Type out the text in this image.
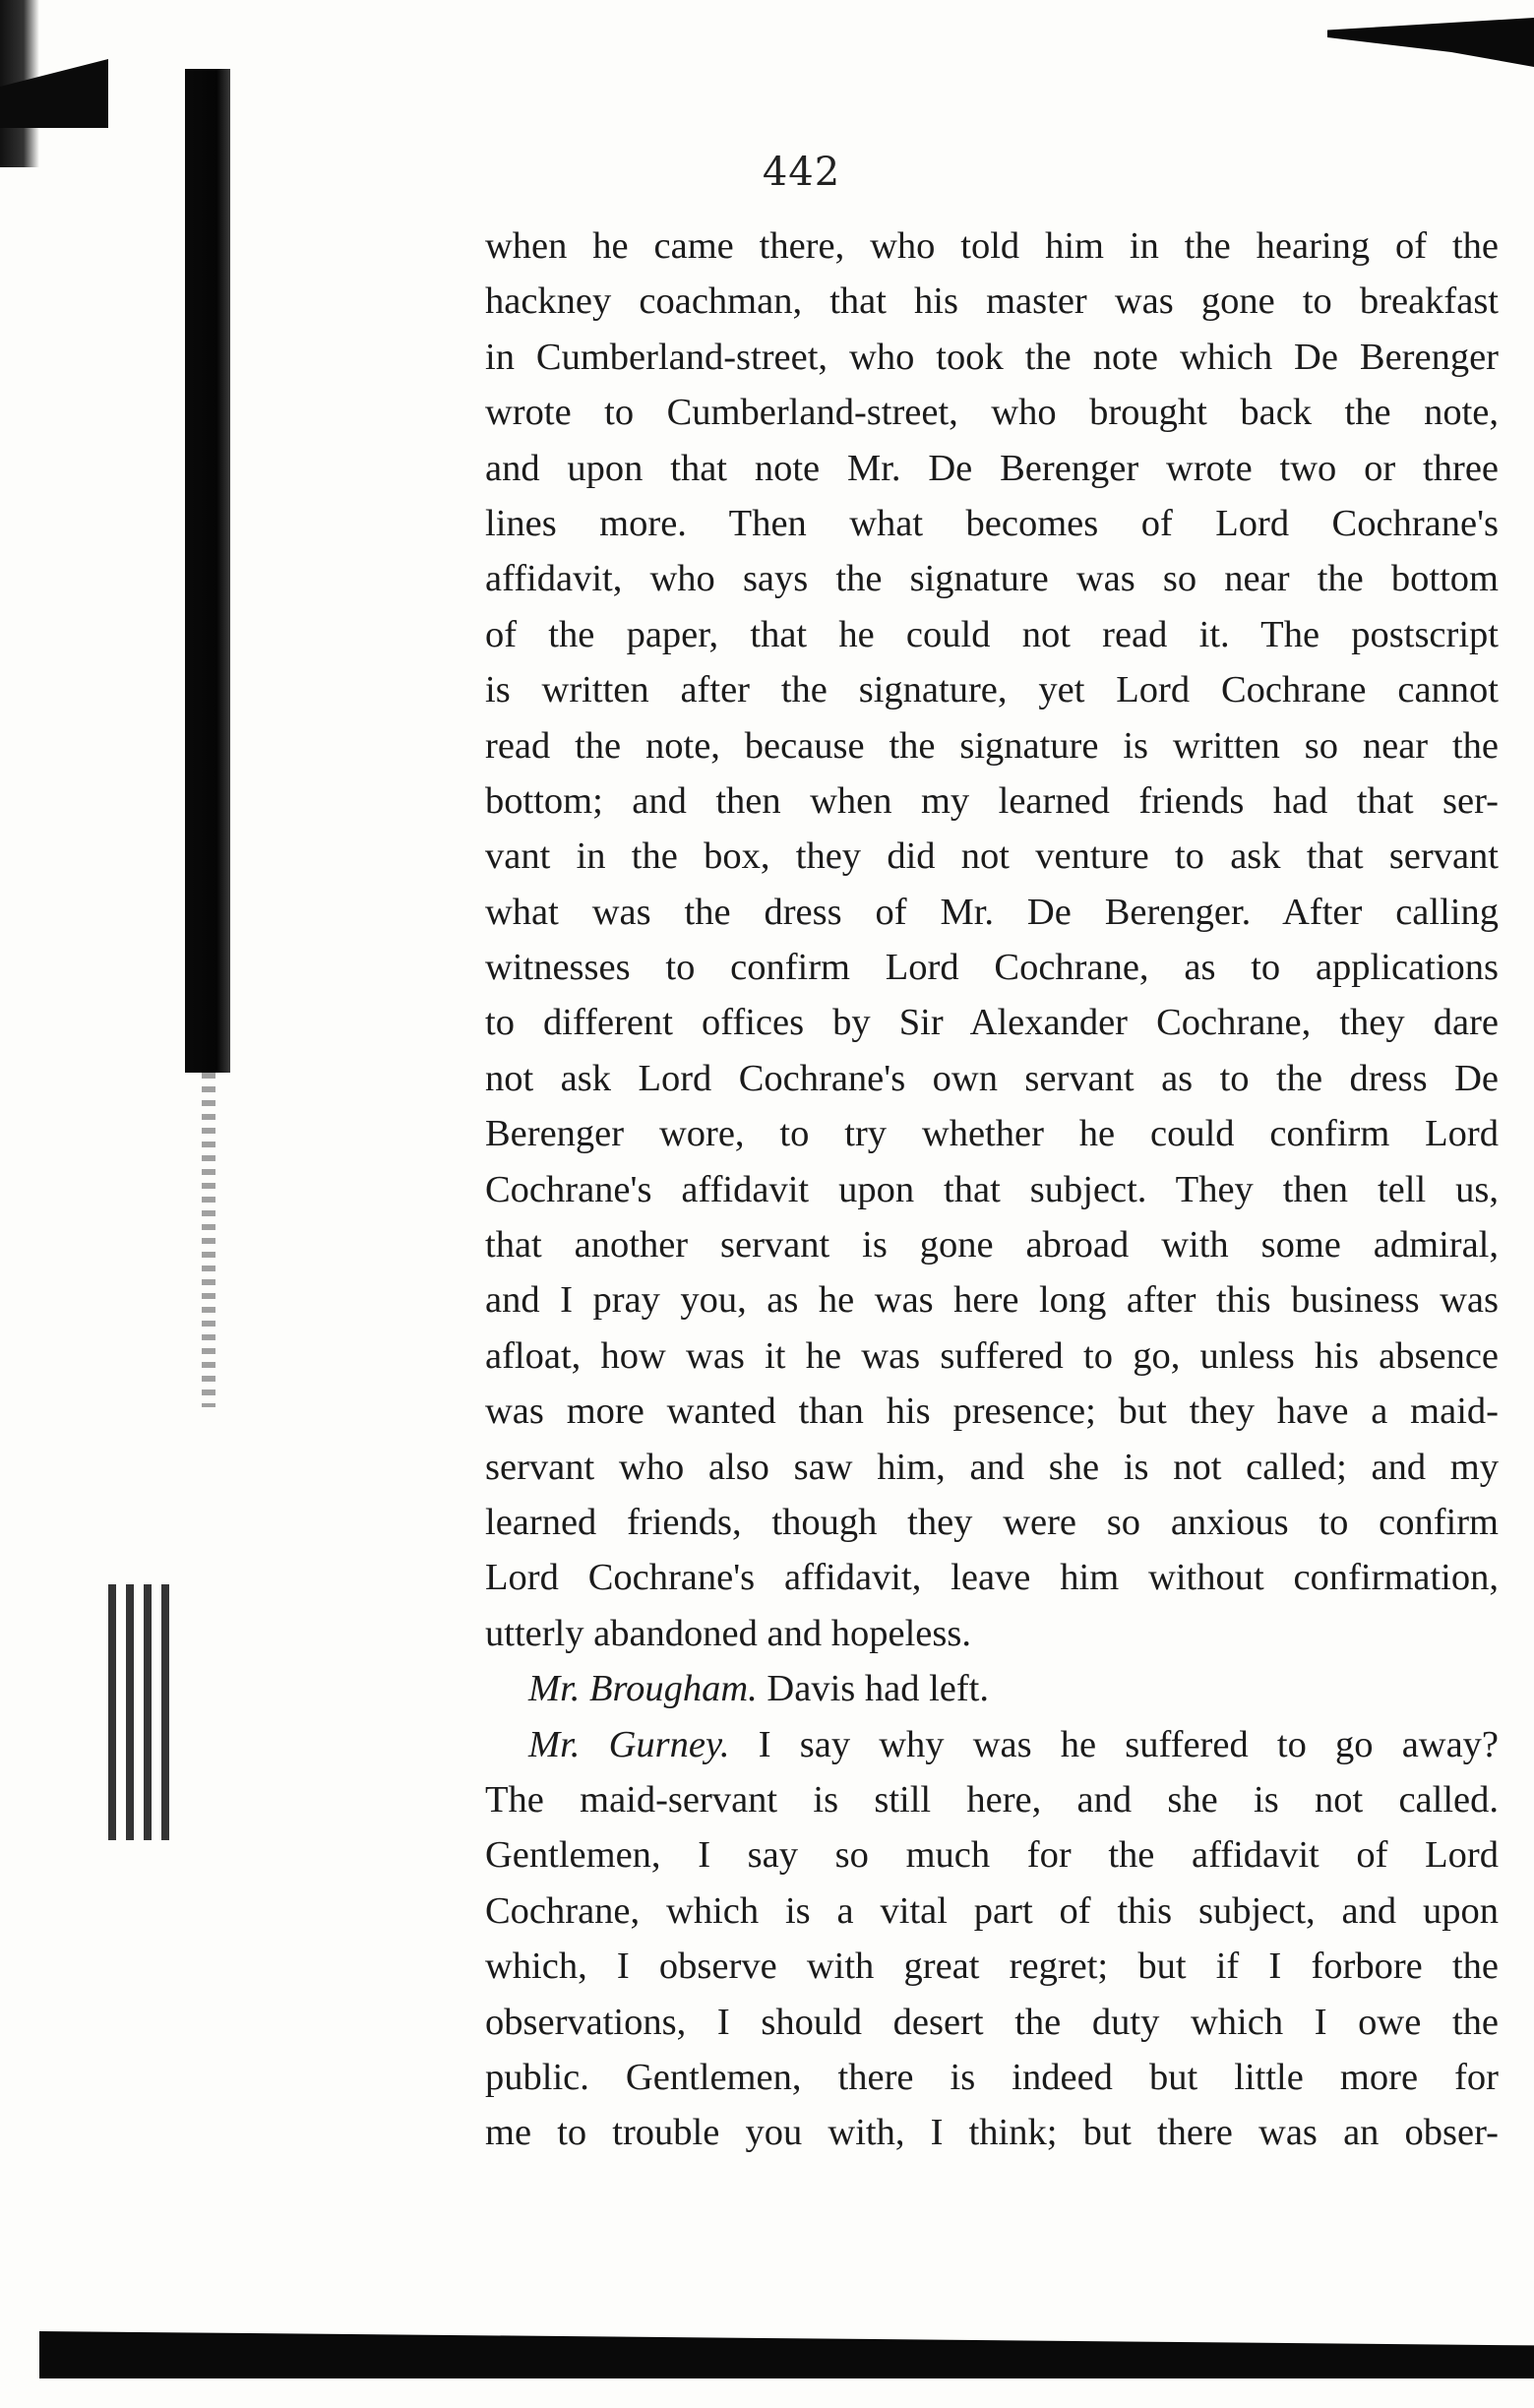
442
when he came there, who told him in the hearing of the
hackney coachman, that his master was gone to breakfast
in Cumberland-street, who took the note which De Berenger
wrote to Cumberland-street, who brought back the note,
and upon that note Mr. De Berenger wrote two or three
lines more. Then what becomes of Lord Cochrane's
affidavit, who says the signature was so near the bottom
of the paper, that he could not read it. The postscript
is written after the signature, yet Lord Cochrane cannot
read the note, because the signature is written so near the
bottom; and then when my learned friends had that ser-
vant in the box, they did not venture to ask that servant
what was the dress of Mr. De Berenger. After calling
witnesses to confirm Lord Cochrane, as to applications
to different offices by Sir Alexander Cochrane, they dare
not ask Lord Cochrane's own servant as to the dress De
Berenger wore, to try whether he could confirm Lord
Cochrane's affidavit upon that subject. They then tell us,
that another servant is gone abroad with some admiral,
and I pray you, as he was here long after this business was
afloat, how was it he was suffered to go, unless his absence
was more wanted than his presence; but they have a maid-
servant who also saw him, and she is not called; and my
learned friends, though they were so anxious to confirm
Lord Cochrane's affidavit, leave him without confirmation,
utterly abandoned and hopeless.
Mr. Brougham. Davis had left.
Mr. Gurney. I say why was he suffered to go away?
The maid-servant is still here, and she is not called.
Gentlemen, I say so much for the affidavit of Lord
Cochrane, which is a vital part of this subject, and upon
which, I observe with great regret; but if I forbore the
observations, I should desert the duty which I owe the
public. Gentlemen, there is indeed but little more for
me to trouble you with, I think; but there was an obser-
